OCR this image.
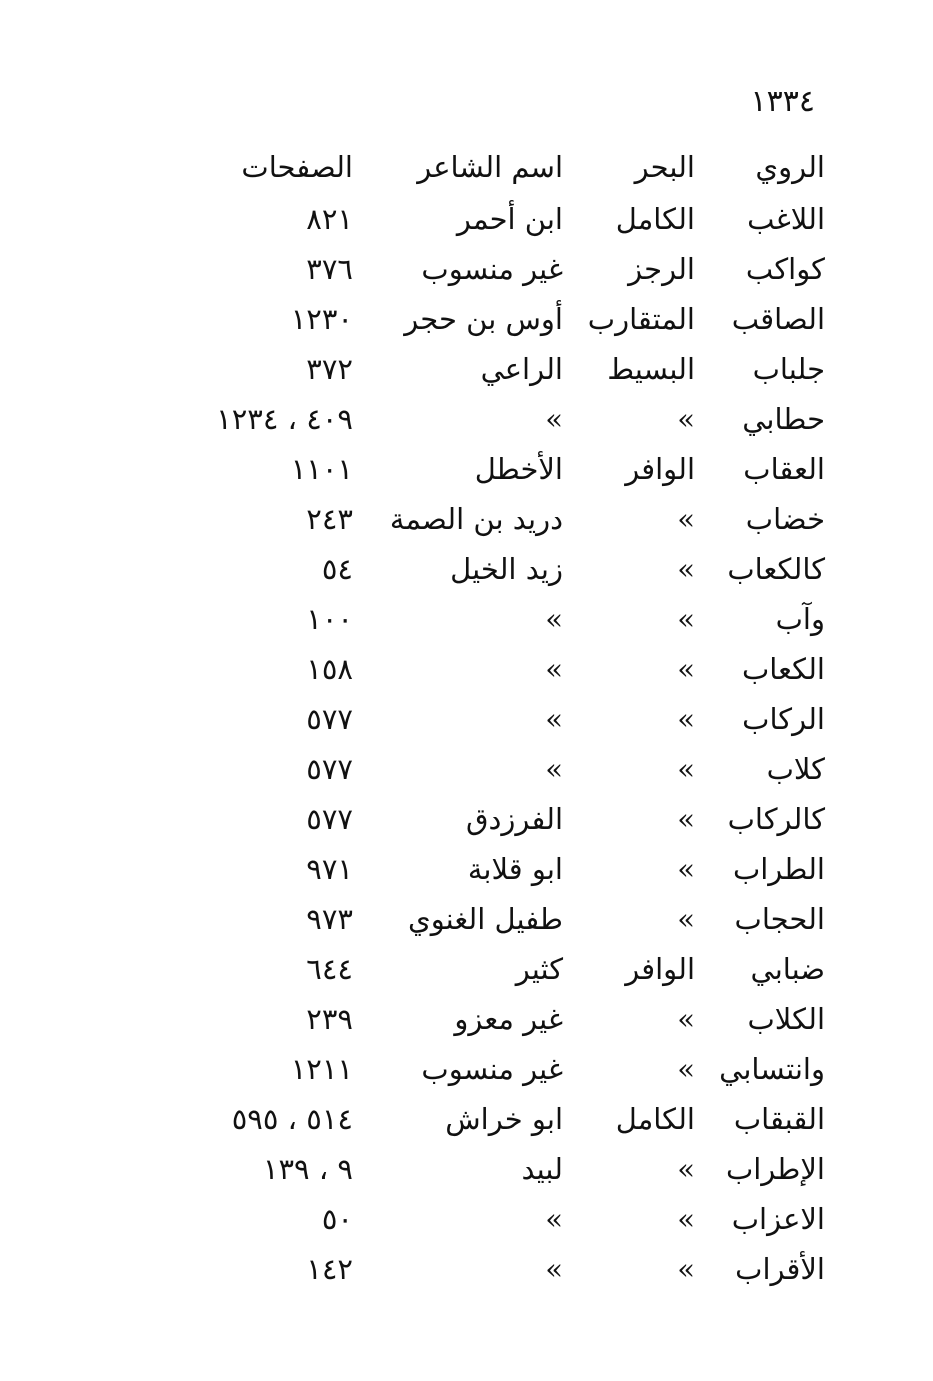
١٣٣٤
الروي
البحر
اسم الشاعر
الصفحات
اللاغب
الكامل
ابن أحمر
٨٢١
كواكب
الرجز
غير منسوب
٣٧٦
الصاقب
المتقارب
أوس بن حجر
١٢٣٠
جلباب
البسيط
الراعي
٣٧٢
حطابي
»
»
٤٠٩ ، ١٢٣٤
العقاب
الوافر
الأخطل
١١٠١
خضاب
»
دريد بن الصمة
٢٤٣
كالكعاب
»
زيد الخيل
٥٤
وآب
»
»
١٠٠
الكعاب
»
»
١٥٨
الركاب
»
»
٥٧٧
كلاب
»
»
٥٧٧
كالركاب
»
الفرزدق
٥٧٧
الطراب
»
ابو قلابة
٩٧١
الحجاب
»
طفيل الغنوي
٩٧٣
ضبابي
الوافر
كثير
٦٤٤
الكلاب
»
غير معزو
٢٣٩
وانتسابي
»
غير منسوب
١٢١١
القبقاب
الكامل
ابو خراش
٥١٤ ، ٥٩٥
الإطراب
»
لبيد
٩ ، ١٣٩
الاعزاب
»
»
٥٠
الأقراب
»
»
١٤٢
